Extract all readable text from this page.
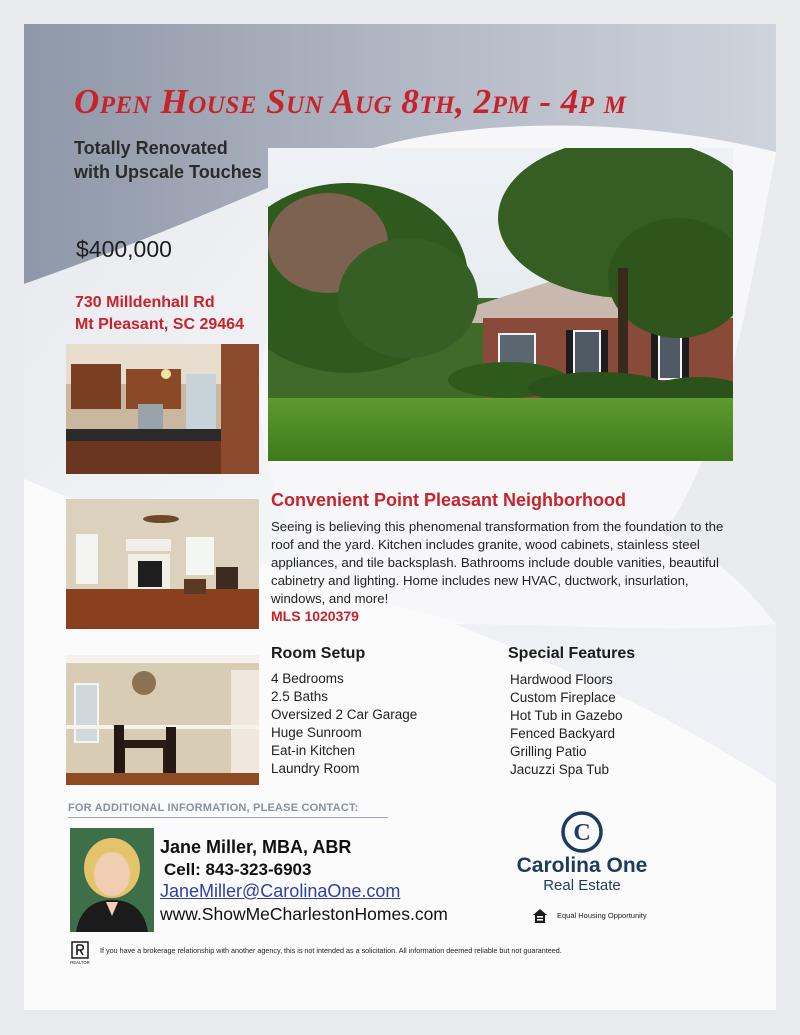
Open House Sun Aug 8th, 2pm - 4p m
Totally Renovated with Upscale Touches
$400,000
730 Milldenhall Rd
Mt Pleasant, SC 29464
Convenient Point Pleasant Neighborhood
Seeing is believing this phenomenal transformation from the foundation to the roof and the yard. Kitchen includes granite, wood cabinets, stainless steel appliances, and tile backsplash. Bathrooms include double vanities, beautiful cabinetry and lighting. Home includes new HVAC, ductwork, insurlation, windows, and more!
MLS 1020379
Room Setup
4 Bedrooms
2.5 Baths
Oversized 2 Car Garage
Huge Sunroom
Eat-in Kitchen
Laundry Room
Special Features
Hardwood Floors
Custom Fireplace
Hot Tub in Gazebo
Fenced Backyard
Grilling Patio
Jacuzzi Spa Tub
FOR ADDITIONAL INFORMATION, PLEASE CONTACT:
Jane Miller, MBA, ABR
Cell: 843-323-6903
JaneMiller@CarolinaOne.com
www.ShowMeCharlestonHomes.com
C
Carolina One
Real Estate
Equal Housing Opportunity
REALTOR
If you have a brokerage relationship with another agency, this is not intended as a solicitation. All information deemed reliable but not guaranteed.
